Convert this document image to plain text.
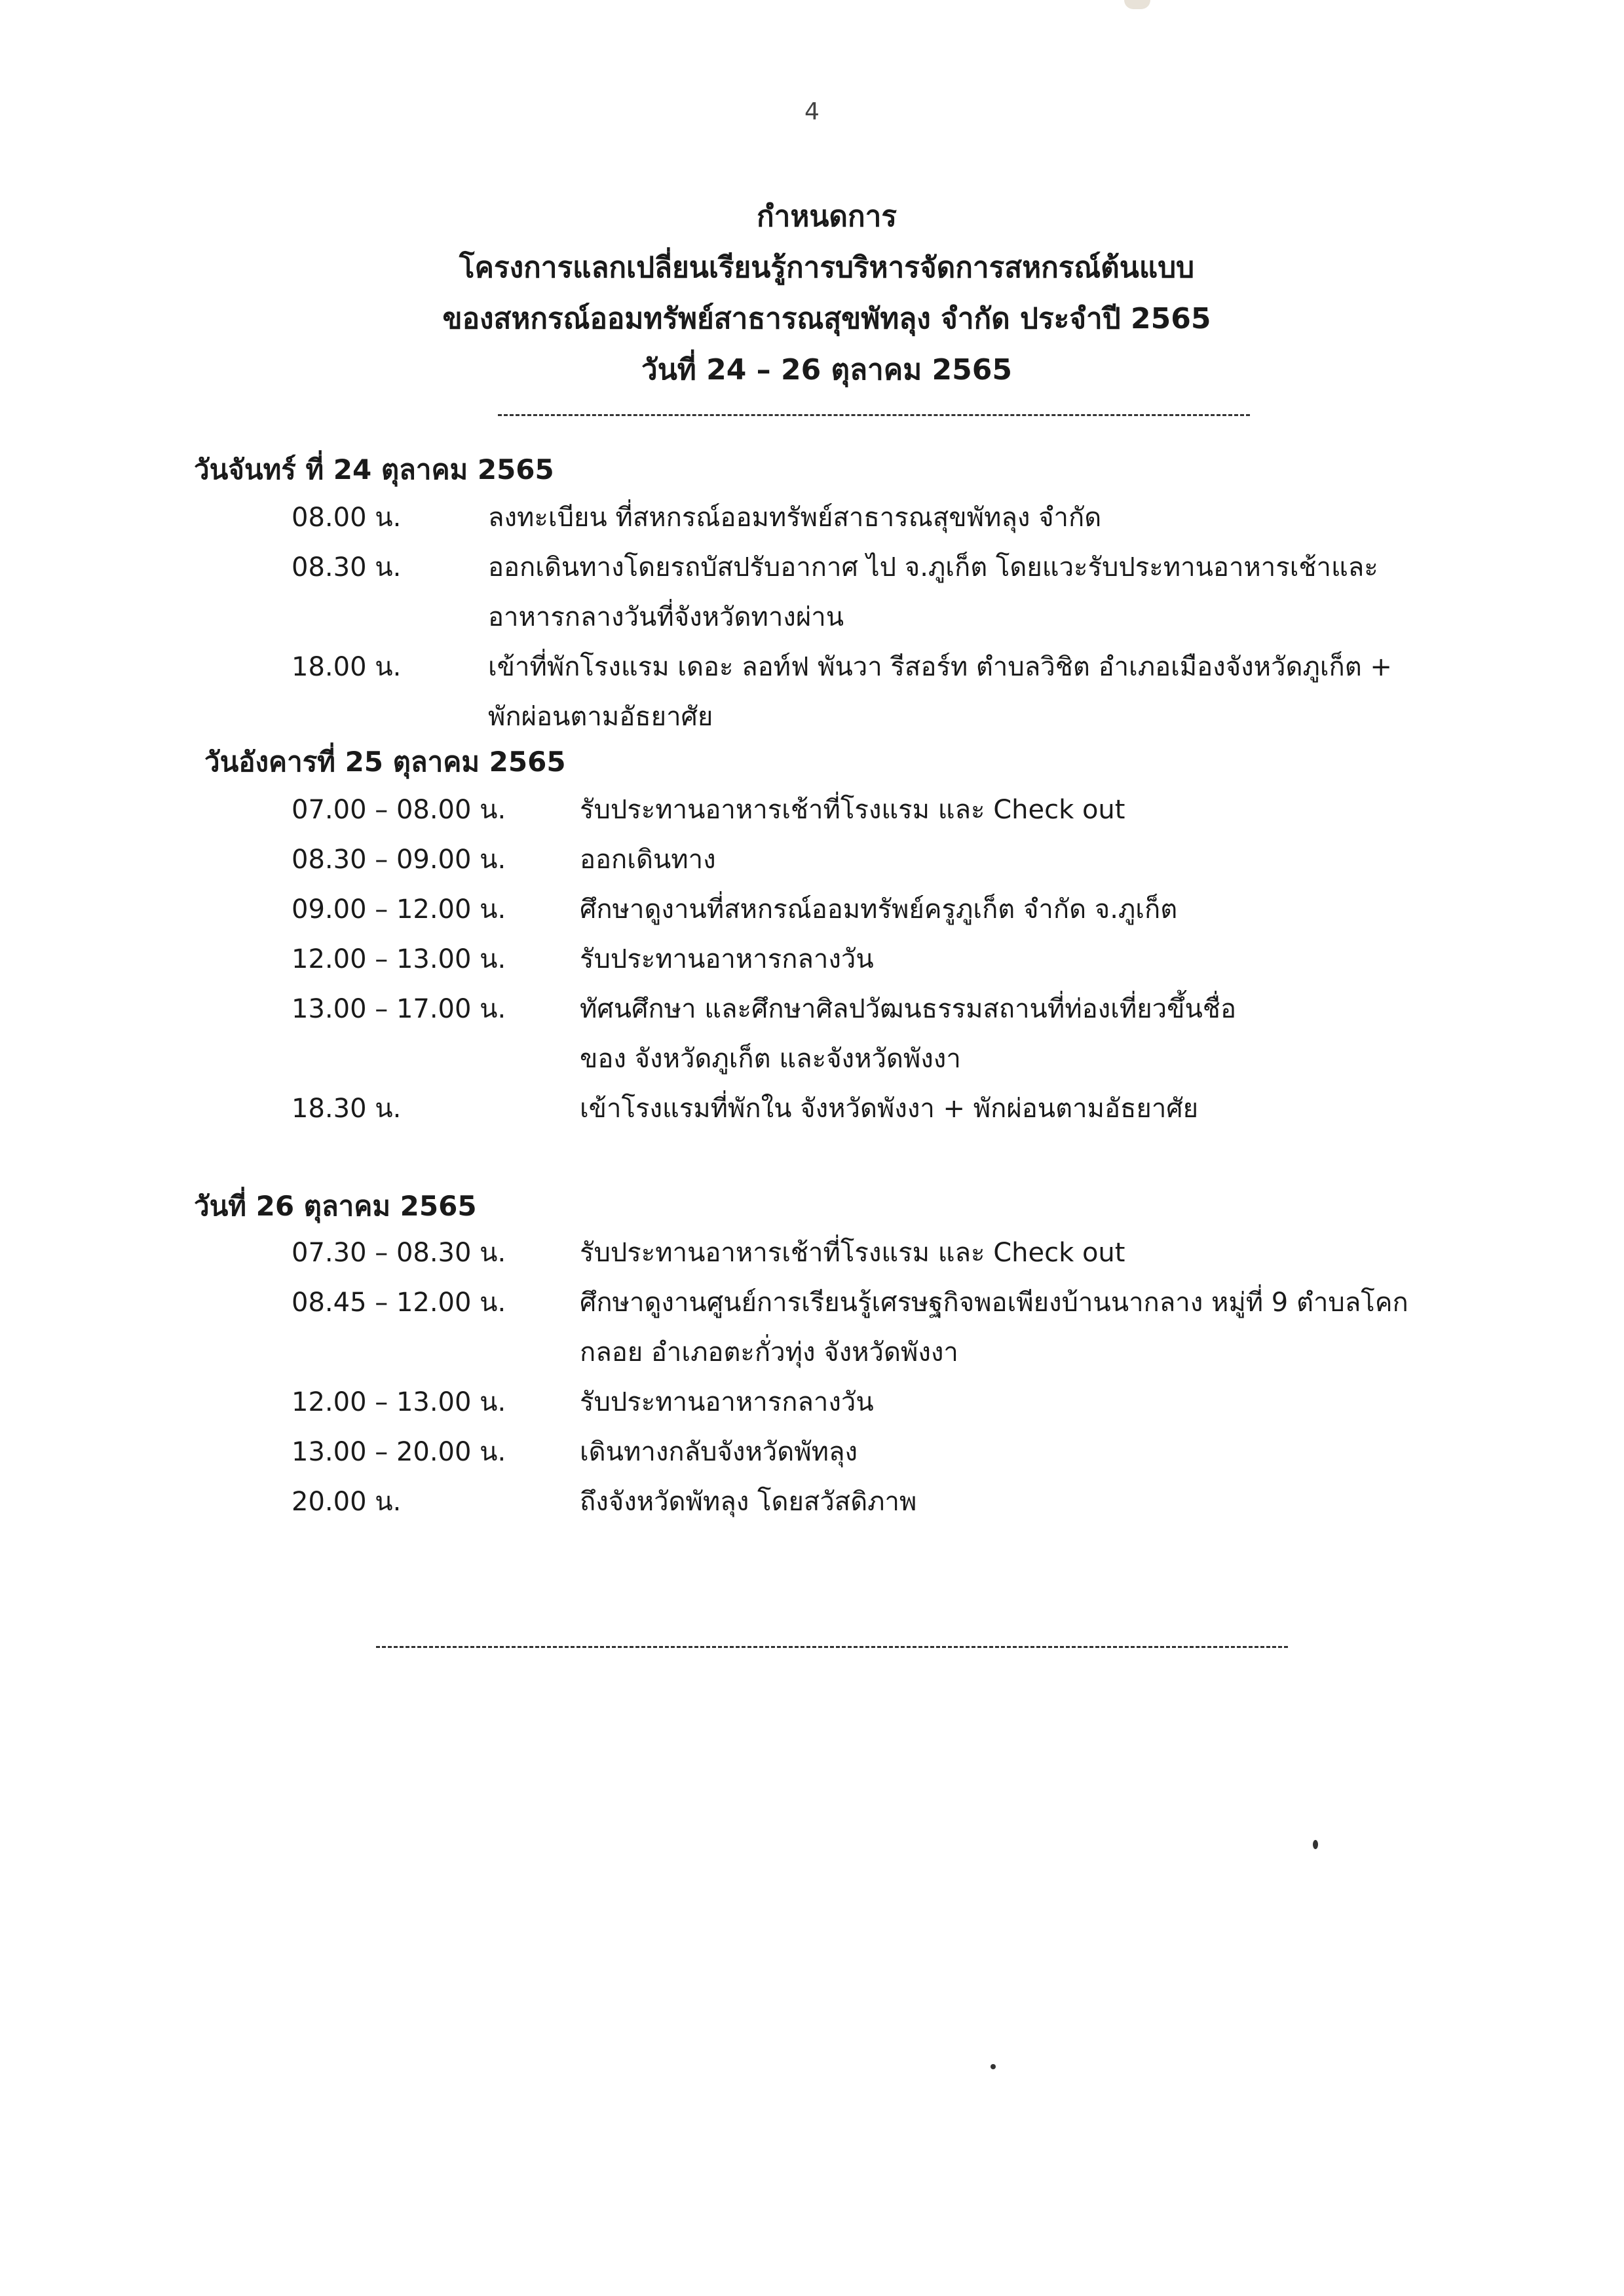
4
กำหนดการ
โครงการแลกเปลี่ยนเรียนรู้การบริหารจัดการสหกรณ์ต้นแบบ
ของสหกรณ์ออมทรัพย์สาธารณสุขพัทลุง จำกัด ประจำปี 2565
วันที่ 24 – 26 ตุลาคม 2565
วันจันทร์ ที่ 24 ตุลาคม 2565
08.00 น.	ลงทะเบียน ที่สหกรณ์ออมทรัพย์สาธารณสุขพัทลุง จำกัด
08.30 น.	ออกเดินทางโดยรถบัสปรับอากาศ ไป จ.ภูเก็ต โดยแวะรับประทานอาหารเช้าและ
อาหารกลางวันที่จังหวัดทางผ่าน
18.00 น.	เข้าที่พักโรงแรม เดอะ ลอท์ฟ พันวา รีสอร์ท ตำบลวิชิต อำเภอเมืองจังหวัดภูเก็ต +
พักผ่อนตามอัธยาศัย
วันอังคารที่ 25 ตุลาคม 2565
07.00 – 08.00 น.	รับประทานอาหารเช้าที่โรงแรม และ Check out
08.30 – 09.00 น.	ออกเดินทาง
09.00 – 12.00 น.	ศึกษาดูงานที่สหกรณ์ออมทรัพย์ครูภูเก็ต จำกัด จ.ภูเก็ต
12.00 – 13.00 น.	รับประทานอาหารกลางวัน
13.00 – 17.00 น.	ทัศนศึกษา และศึกษาศิลปวัฒนธรรมสถานที่ท่องเที่ยวขึ้นชื่อ
ของ จังหวัดภูเก็ต และจังหวัดพังงา
18.30 น.	เข้าโรงแรมที่พักใน จังหวัดพังงา + พักผ่อนตามอัธยาศัย
วันที่ 26 ตุลาคม 2565
07.30 – 08.30 น.	รับประทานอาหารเช้าที่โรงแรม และ Check out
08.45 – 12.00 น.	ศึกษาดูงานศูนย์การเรียนรู้เศรษฐกิจพอเพียงบ้านนากลาง หมู่ที่ 9 ตำบลโคก
กลอย อำเภอตะกั่วทุ่ง จังหวัดพังงา
12.00 – 13.00 น.	รับประทานอาหารกลางวัน
13.00 – 20.00 น.	เดินทางกลับจังหวัดพัทลุง
20.00 น.	ถึงจังหวัดพัทลุง โดยสวัสดิภาพ
